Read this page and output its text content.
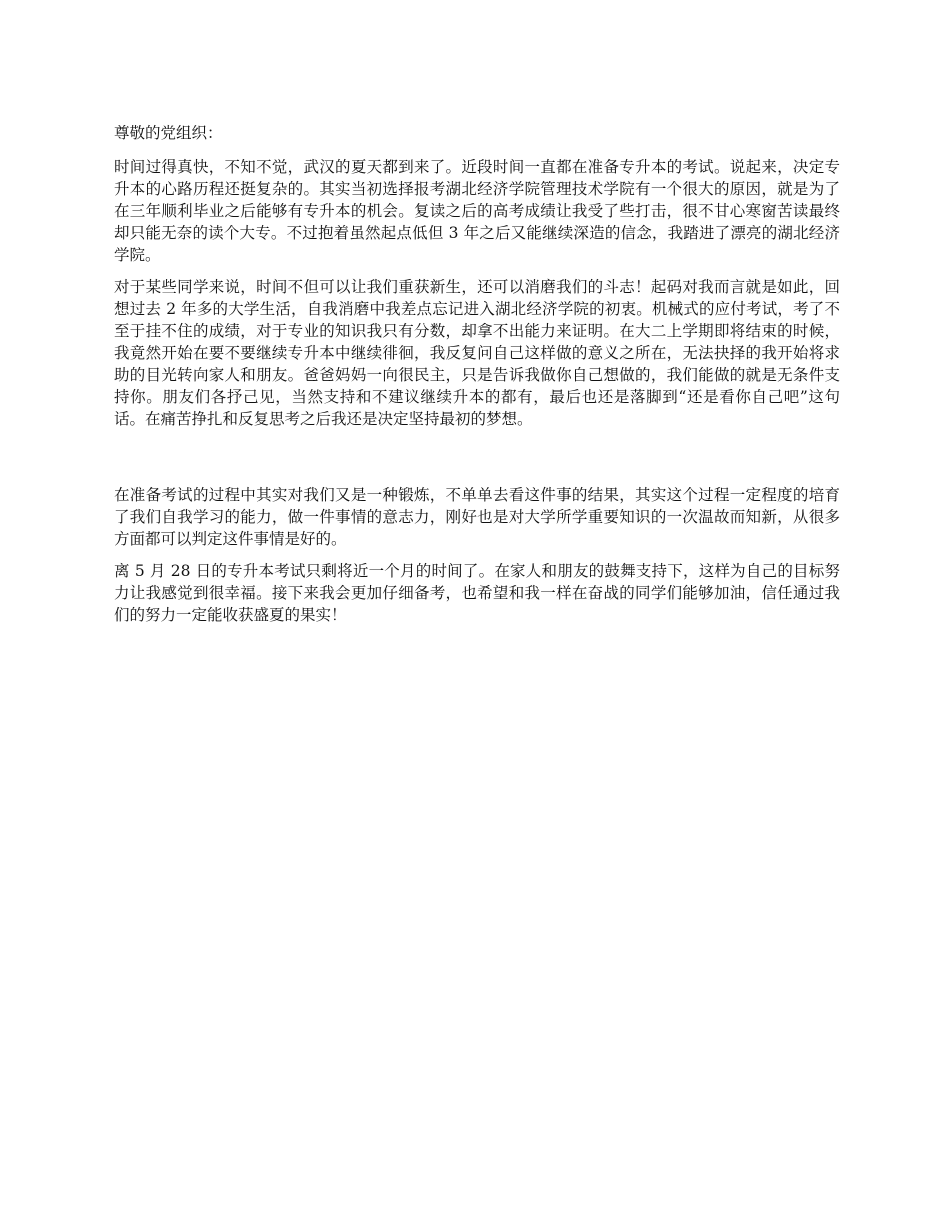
尊敬的党组织：

时间过得真快，不知不觉，武汉的夏天都到来了。近段时间一直都在准备专升本的考试。说起来，决定专升本的心路历程还挺复杂的。其实当初选择报考湖北经济学院管理技术学院有一个很大的原因，就是为了在三年顺利毕业之后能够有专升本的机会。复读之后的高考成绩让我受了些打击，很不甘心寒窗苦读最终却只能无奈的读个大专。不过抱着虽然起点低但 3 年之后又能继续深造的信念，我踏进了漂亮的湖北经济学院。

对于某些同学来说，时间不但可以让我们重获新生，还可以消磨我们的斗志！起码对我而言就是如此，回想过去 2 年多的大学生活，自我消磨中我差点忘记进入湖北经济学院的初衷。机械式的应付考试，考了不至于挂不住的成绩，对于专业的知识我只有分数，却拿不出能力来证明。在大二上学期即将结束的时候，我竟然开始在要不要继续专升本中继续徘徊，我反复问自己这样做的意义之所在，无法抉择的我开始将求助的目光转向家人和朋友。爸爸妈妈一向很民主，只是告诉我做你自己想做的，我们能做的就是无条件支持你。朋友们各抒己见，当然支持和不建议继续升本的都有，最后也还是落脚到“还是看你自己吧”这句话。在痛苦挣扎和反复思考之后我还是决定坚持最初的梦想。

在准备考试的过程中其实对我们又是一种锻炼，不单单去看这件事的结果，其实这个过程一定程度的培育了我们自我学习的能力，做一件事情的意志力，刚好也是对大学所学重要知识的一次温故而知新，从很多方面都可以判定这件事情是好的。

离 5 月 28 日的专升本考试只剩将近一个月的时间了。在家人和朋友的鼓舞支持下，这样为自己的目标努力让我感觉到很幸福。接下来我会更加仔细备考，也希望和我一样在奋战的同学们能够加油，信任通过我们的努力一定能收获盛夏的果实！
